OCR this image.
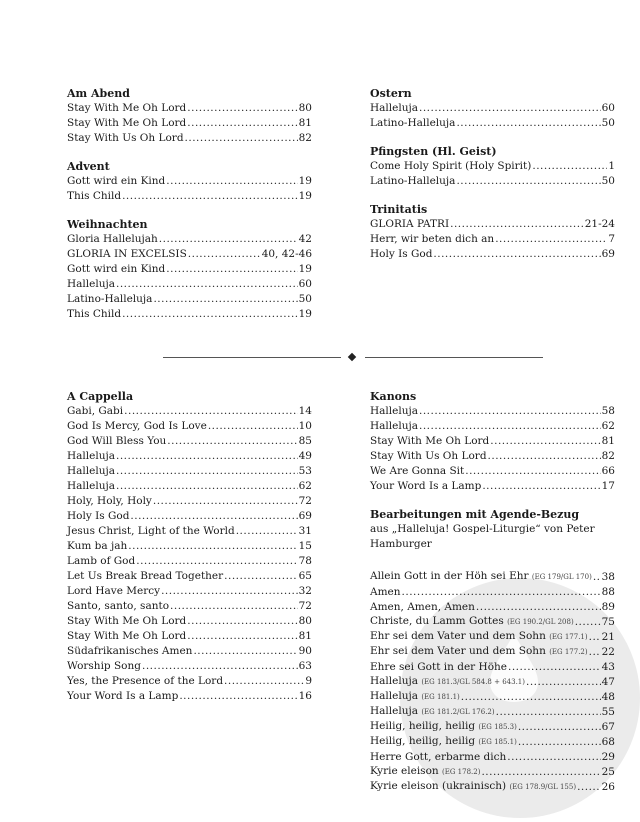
Am Abend
Stay With Me Oh Lord .....	80
Stay With Me Oh Lord .....	81
Stay With Us Oh Lord .....	82
Advent
Gott wird ein Kind .....	19
This Child .....	19
Weihnachten
Gloria Hallelujah .....	42
GLORIA IN EXCELSIS .....	40, 42-46
Gott wird ein Kind .....	19
Halleluja .....	60
Latino-Halleluja .....	50
This Child .....	19
Ostern
Halleluja .....	60
Latino-Halleluja .....	50
Pfingsten (Hl. Geist)
Come Holy Spirit (Holy Spirit) .....	1
Latino-Halleluja .....	50
Trinitatis
GLORIA PATRI .....	21-24
Herr, wir beten dich an .....	7
Holy Is God .....	69
A Cappella
Gabi, Gabi .....	14
God Is Mercy, God Is Love .....	10
God Will Bless You .....	85
Halleluja .....	49
Halleluja .....	53
Halleluja .....	62
Holy, Holy, Holy .....	72
Holy Is God .....	69
Jesus Christ, Light of the World .....	31
Kum ba jah .....	15
Lamb of God .....	78
Let Us Break Bread Together .....	65
Lord Have Mercy .....	32
Santo, santo, santo .....	72
Stay With Me Oh Lord .....	80
Stay With Me Oh Lord .....	81
Südafrikanisches Amen .....	90
Worship Song .....	63
Yes, the Presence of the Lord .....	9
Your Word Is a Lamp .....	16
Kanons
Halleluja .....	58
Halleluja .....	62
Stay With Me Oh Lord .....	81
Stay With Us Oh Lord .....	82
We Are Gonna Sit .....	66
Your Word Is a Lamp .....	17
Bearbeitungen mit Agende-Bezug
aus „Halleluja! Gospel-Liturgie“ von Peter Hamburger
Allein Gott in der Höh sei Ehr (EG 179/GL 170) ..... 38
Amen .....	88
Amen, Amen, Amen .....	89
Christe, du Lamm Gottes (EG 190.2/GL 208) .....	75
Ehr sei dem Vater und dem Sohn (EG 177.1) ..... 21
Ehr sei dem Vater und dem Sohn (EG 177.2) ..... 22
Ehre sei Gott in der Höhe .....	43
Halleluja (EG 181.3/GL 584.8 + 643.1) .....	47
Halleluja (EG 181.1) .....	48
Halleluja (EG 181.2/GL 176.2) .....	55
Heilig, heilig, heilig (EG 185.3) .....	67
Heilig, heilig, heilig (EG 185.1) .....	68
Herre Gott, erbarme dich .....	29
Kyrie eleison (EG 178.2) .....	25
Kyrie eleison (ukrainisch) (EG 178.9/GL 155) ..... 26
